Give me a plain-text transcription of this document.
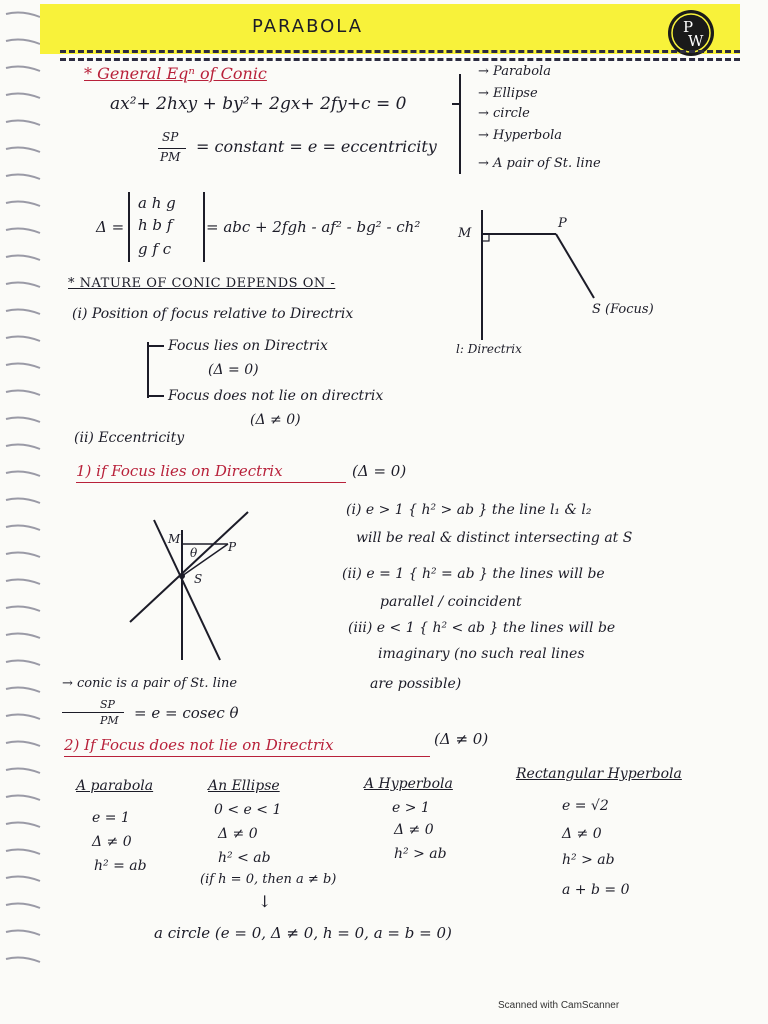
PARABOLA	P
W
* General Eqⁿ of Conic
ax²+ 2hxy + by²+ 2gx+ 2fy+c = 0
→ Parabola
→ Ellipse
→ circle
→ Hyperbola
→ A pair of St. line
SP
PM
= constant = e = eccentricity
Δ =
a h g
h b f
g f c
= abc + 2fgh - af² - bg² - ch²	M
P
S (Focus)
l: Directrix
* NATURE OF CONIC DEPENDS ON -
(i) Position of focus relative to Directrix
Focus lies on Directrix
(Δ = 0)
Focus does not lie on directrix
(Δ ≠ 0)
(ii) Eccentricity
1) if Focus lies on Directrix	(Δ = 0)
M
P
θ
S
(i) e > 1 { h² > ab } the line l₁ & l₂
will be real & distinct intersecting at S
(ii) e = 1 { h² = ab } the lines will be
parallel / coincident
(iii) e < 1 { h² < ab } the lines will be
imaginary (no such real lines
are possible)
→ conic is a pair of St. line
SP
PM = e = cosec θ
2) If Focus does not lie on Directrix	(Δ ≠ 0)
A parabola
e = 1
Δ ≠ 0
h² = ab
An Ellipse
0 < e < 1
Δ ≠ 0
h² < ab
(if h = 0, then a ≠ b)
A Hyperbola
e > 1
Δ ≠ 0
h² > ab
Rectangular Hyperbola
e = √2
Δ ≠ 0
h² > ab
a + b = 0
↓
a circle (e = 0, Δ ≠ 0, h = 0, a = b = 0)
Scanned with CamScanner
